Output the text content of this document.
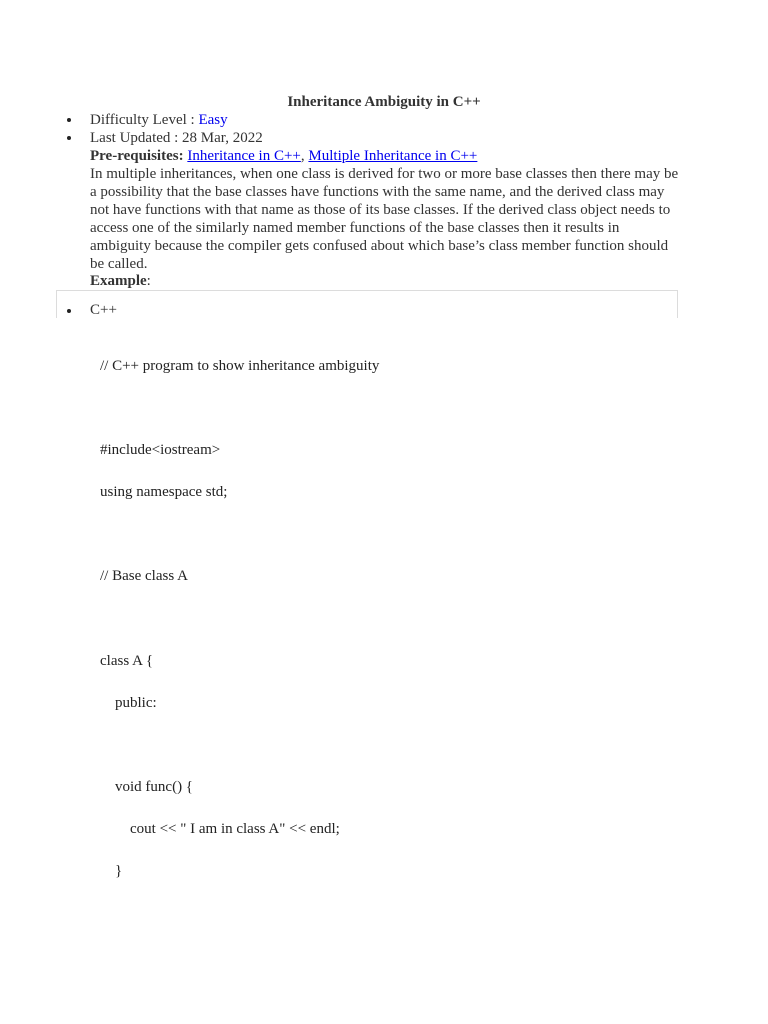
Inheritance Ambiguity in C++
Difficulty Level : Easy
Last Updated : 28 Mar, 2022
Pre-requisites: Inheritance in C++, Multiple Inheritance in C++

In multiple inheritances, when one class is derived for two or more base classes then there may be a possibility that the base classes have functions with the same name, and the derived class may not have functions with that name as those of its base classes. If the derived class object needs to access one of the similarly named member functions of the base classes then it results in ambiguity because the compiler gets confused about which base’s class member function should be called.

Example:
C++
// C++ program to show inheritance ambiguity
#include<iostream>
using namespace std;
// Base class A
class A {
public:
void func() {
cout << " I am in class A" << endl;
}
